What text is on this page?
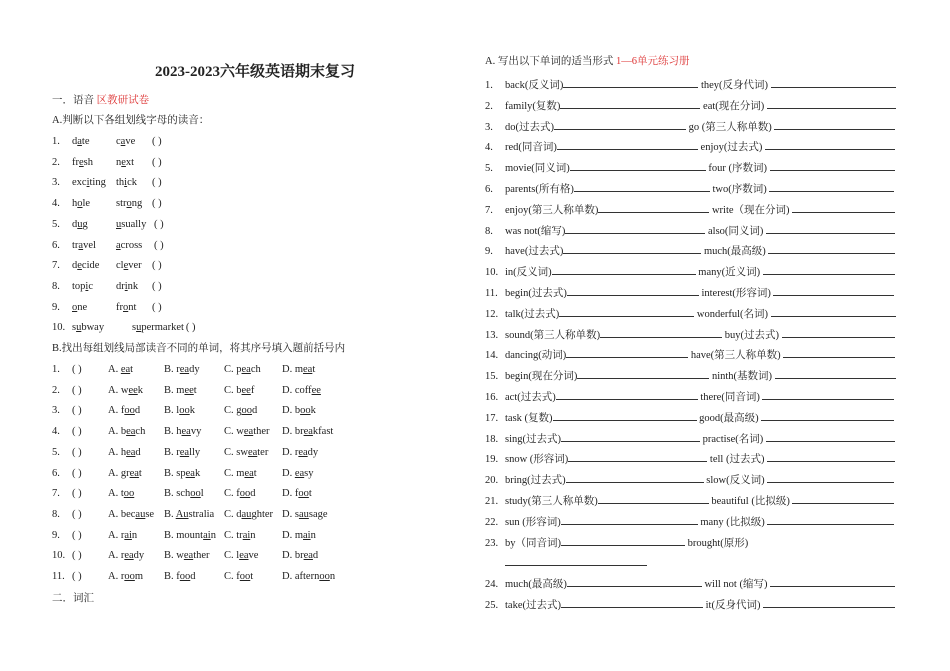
2023-2023六年级英语期末复习
一．语音 区教研试卷
A.判断以下各组划线字母的读音：
1. date	cave ( )
2. fresh next ( )
3. exciting thick ( )
4. hole strong ( )
5. dug	usually ( )
6. travel across ( )
7. decide clever ( )
8. topic drink ( )
9. one	front ( )
10. subway	supermarket( )
B.找出每组划线局部读音不同的单词，将其序号填入题前括号内
1. ( )	A. eat	B. ready C. peach D. meat
2. ( )	A. week B. meet	C. beef	D. coffee
3. ( )	A. food B. look	C. good D. book
4. ( )	A. beach B. heavy C. weather D. breakfast
5. ( )	A. head B. really C. sweater D. ready
6. ( )	A. great B. speak C. meat D. easy
7. ( )	A. too	B. school C. food	D. foot
8. ( )	A. because B. Australia C. daughter D. sausage
9. ( )	A. rain	B. mountain C. train	D. main
10. ( )	A. ready B. weather C. leave D. bread
11. ( )	A. room B. food	C. foot	D. afternoon
二．词汇
A. 写出以下单词的适当形式 1—6单元练习册
1. back(反义词)	they(反身代词)
2. family(复数)	eat(现在分词)
3. do(过去式)	go (第三人称单数)
4. red(同音词)	enjoy(过去式)
5. movie(同义词)	four (序数词)
6. parents(所有格)	two(序数词)
7. enjoy(第三人称单数)	write（现在分词)
8. was not(缩写)	also(同义词)
9. have(过去式)	much(最高级)
10. in(反义词)	many(近义词)
11. begin(过去式)	interest(形容词)
12. talk(过去式)	wonderful(名词)
13. sound(第三人称单数)	buy(过去式)
14. dancing(动词)	have(第三人称单数)
15. begin(现在分词)	ninth(基数词)
16. act(过去式)	there(同音词)
17. task (复数)	good(最高级)
18. sing(过去式)	practise(名词)
19. snow (形容词)	tell (过去式)
20. bring(过去式)	slow(反义词)
21. study(第三人称单数)	beautiful (比拟级)
22. sun (形容词)	many (比拟级)
23. by（同音词)	brought(原形)
24. much(最高级)	will not (缩写)
25. take(过去式)	it(反身代词)
